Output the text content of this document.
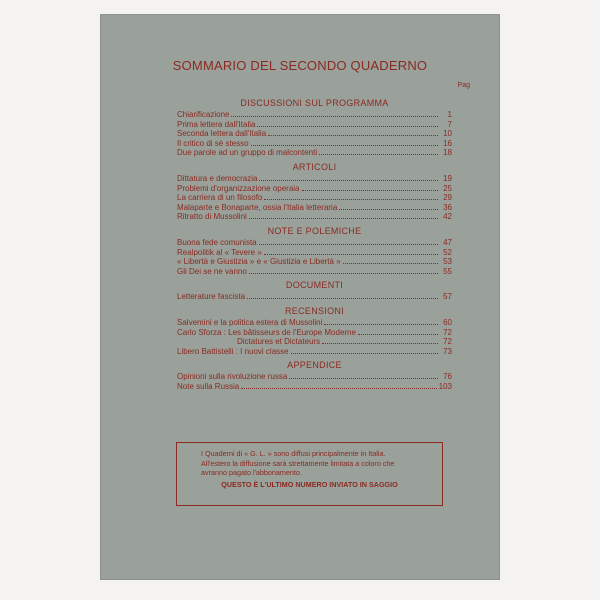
SOMMARIO DEL SECONDO QUADERNO
Pag
DISCUSSIONI SUL PROGRAMMA
Chiarificazione	1
Prima lettera dall'Italia	7
Seconda lettera dall'Italia	10
Il critico di sè stesso	16
Due parole ad un gruppo di malcontenti	18
ARTICOLI
Dittatura e democrazia	19
Problemi d'organizzazione operaia	25
La carriera di un filosofo	29
Malaparte e Bonaparte, ossia l'Italia letteraria	36
Ritratto di Mussolini	42
NOTE E POLEMICHE
Buona fede comunista	47
Realpolitik al « Tevere »	52
« Libertà e Giustizia » e « Giustizia e Libertà »	53
Gli Dei se ne vanno	55
DOCUMENTI
Letterature fascista	57
RECENSIONI
Salvemini e la politica estera di Mussolini	60
Carlo Sforza : Les bâtisseurs de l'Europe Moderne	72
Dictatures et Dictateurs	72
Libero Battistelli : I nuovi classe	73
APPENDICE
Opinioni sulla rivoluzione russa	76
Note sulla Russia	103
I Quaderni di « G. L. » sono diffusi principalmente in Italia.
All'estero la diffusione sarà strettamente limitata a coloro che
avranno pagato l'abbonamento.
QUESTO È L'ULTIMO NUMERO INVIATO IN SAGGIO
